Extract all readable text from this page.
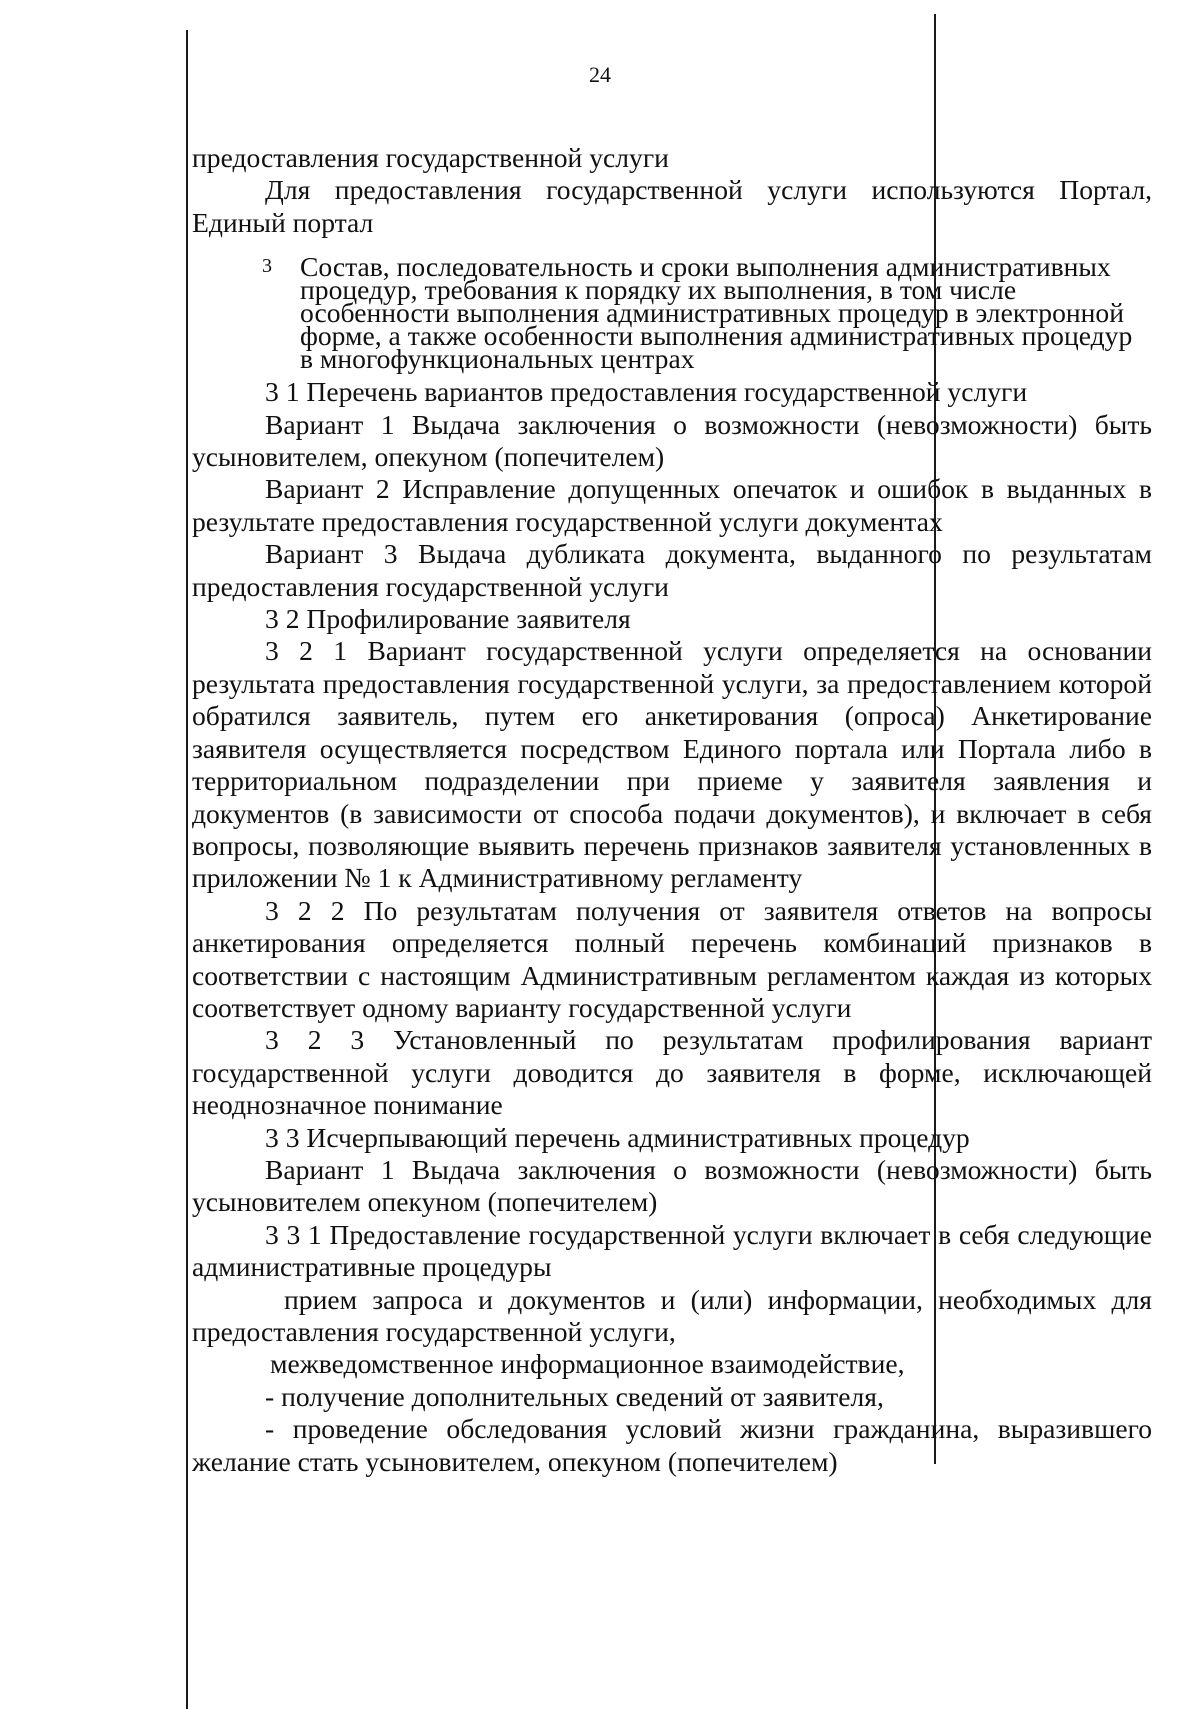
24

предоставления государственной услуги

Для предоставления государственной услуги используются Портал, Единый портал

3 Состав, последовательность и сроки выполнения административных процедур, требования к порядку их выполнения, в том числе особенности выполнения административных процедур в электронной форме, а также особенности выполнения административных процедур в многофункциональных центрах

3 1 Перечень вариантов предоставления государственной услуги

Вариант 1 Выдача заключения о возможности (невозможности) быть усыновителем, опекуном (попечителем)

Вариант 2 Исправление допущенных опечаток и ошибок в выданных в результате предоставления государственной услуги документах

Вариант 3 Выдача дубликата документа, выданного по результатам предоставления государственной услуги

3 2 Профилирование заявителя

3 2 1 Вариант государственной услуги определяется на основании результата предоставления государственной услуги, за предоставлением которой обратился заявитель, путем его анкетирования (опроса) Анкетирование заявителя осуществляется посредством Единого портала или Портала либо в территориальном подразделении при приеме у заявителя заявления и документов (в зависимости от способа подачи документов), и включает в себя вопросы, позволяющие выявить перечень признаков заявителя установленных в приложении № 1 к Административному регламенту

3 2 2 По результатам получения от заявителя ответов на вопросы анкетирования определяется полный перечень комбинаций признаков в соответствии с настоящим Административным регламентом каждая из которых соответствует одному варианту государственной услуги

3 2 3 Установленный по результатам профилирования вариант государственной услуги доводится до заявителя в форме, исключающей неоднозначное понимание

3 3 Исчерпывающий перечень административных процедур

Вариант 1 Выдача заключения о возможности (невозможности) быть усыновителем опекуном (попечителем)

3 3 1 Предоставление государственной услуги включает в себя следующие административные процедуры

прием запроса и документов и (или) информации, необходимых для предоставления государственной услуги,

межведомственное информационное взаимодействие,

- получение дополнительных сведений от заявителя,

- проведение обследования условий жизни гражданина, выразившего желание стать усыновителем, опекуном (попечителем)
